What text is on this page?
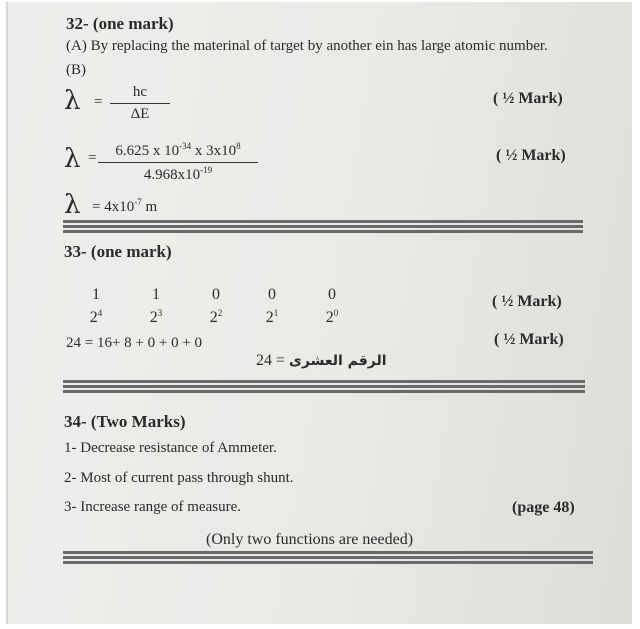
32- (one mark)
(A) By replacing the materinal of target by another ein has large atomic number.
(B)
λ =
hc
ΔE
( ½ Mark)
λ =	6.625 x $10^{-34}$ x $3x10^8$
$4.968x10^{-19}$
( ½ Mark)
$\lambda = 4x10^{-7}$ m
33- (one mark)
1	1	0	0	0
$2^4$	$2^3$	$2^2$	$2^1$	$2^0$
( ½ Mark)
24 = 16+ 8 + 0 + 0 + 0	( ½ Mark)
24 = الرقم العشرى
34- (Two Marks)
1- Decrease resistance of Ammeter.
2- Most of current pass through shunt.
3- Increase range of measure.	(page 48)
(Only two functions are needed)
